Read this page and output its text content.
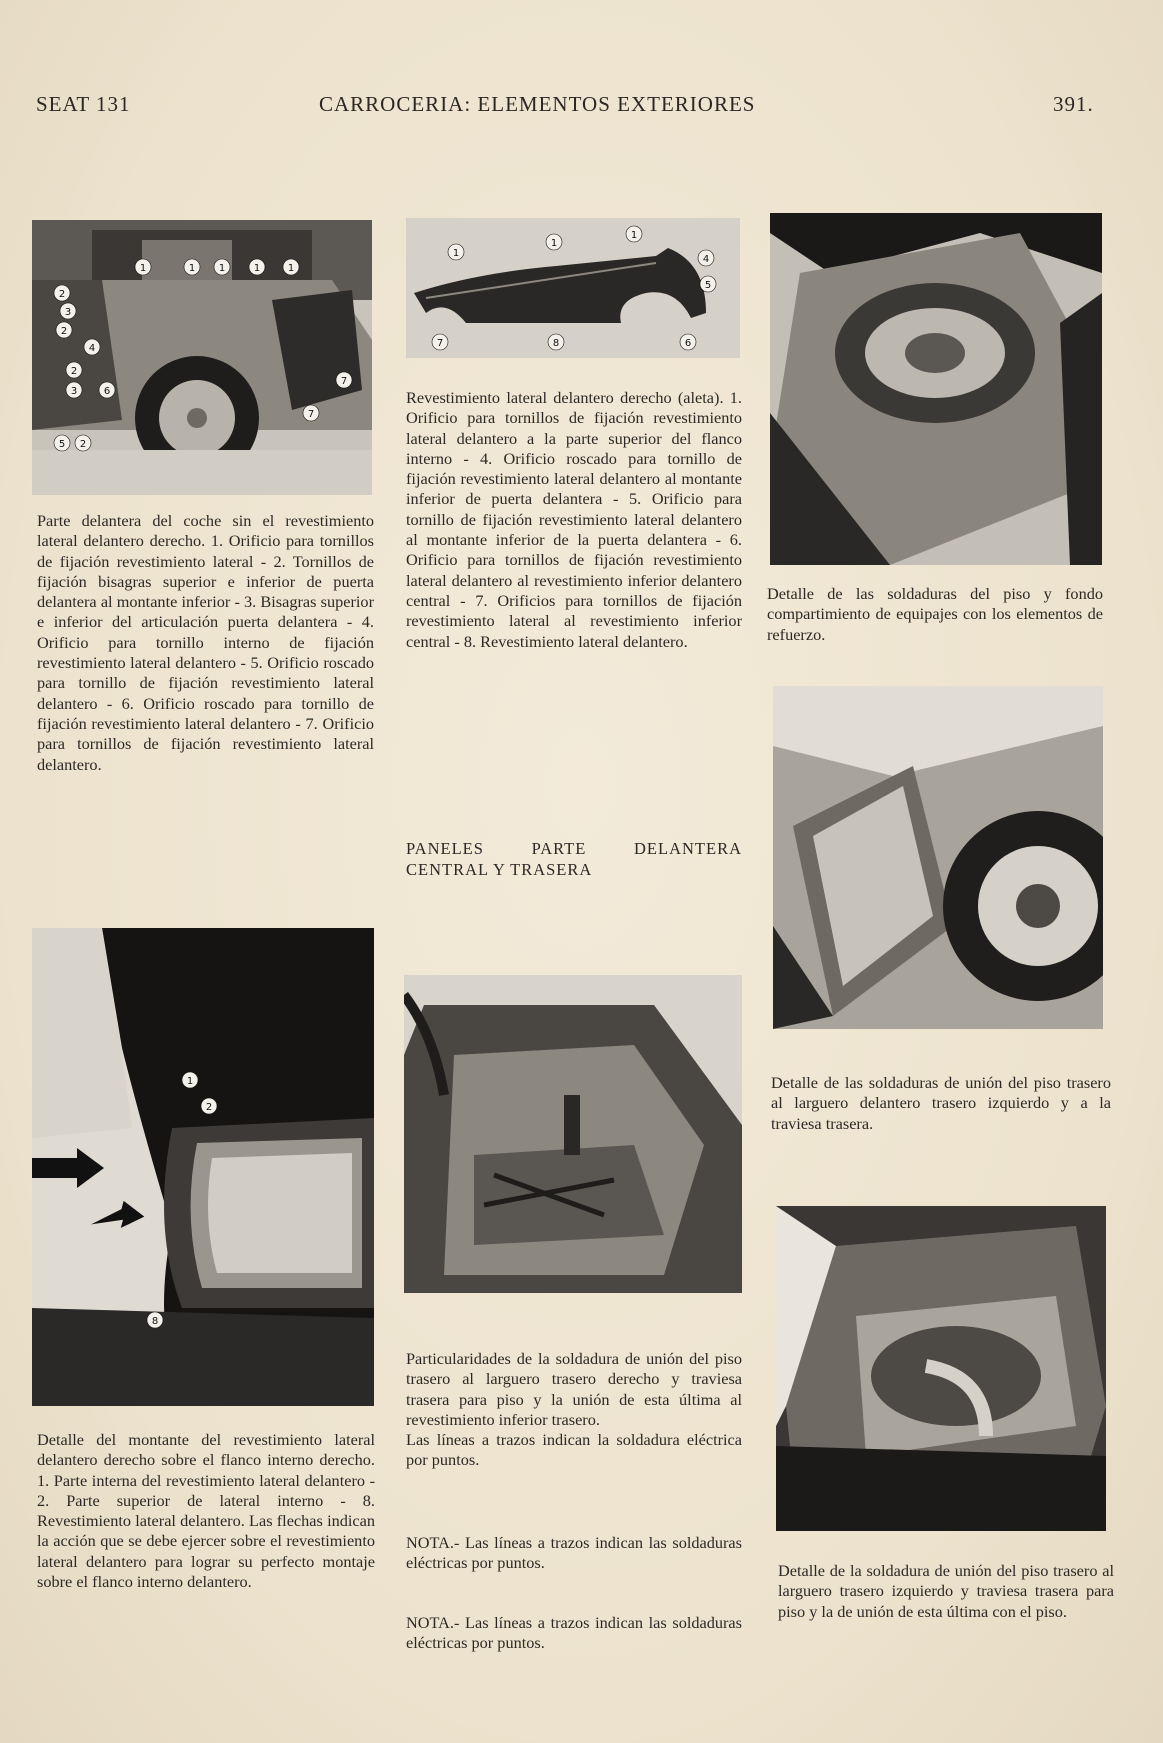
SEAT 131	CARROCERIA: ELEMENTOS EXTERIORES	391.
1	1 1	1	1
2
3
2
4
2
3	6
5 2
7
7
Parte delantera del coche sin el revestimiento lateral delantero derecho. 1. Orificio para tornillos de fijación revestimiento lateral - 2. Tornillos de fijación bisagras superior e inferior de puerta delantera al montante inferior - 3. Bisagras superior e inferior del articulación puerta delantera - 4. Orificio para tornillo interno de fijación revestimiento lateral delantero - 5. Orificio roscado para tornillo de fijación revestimiento lateral delantero - 6. Orificio roscado para tornillo de fijación revestimiento lateral delantero - 7. Orificio para tornillos de fijación revestimiento lateral delantero.
1
1
1
4
5
7	8	6
Revestimiento lateral delantero derecho (aleta). 1. Orificio para tornillos de fijación revestimiento lateral delantero a la parte superior del flanco interno - 4. Orificio roscado para tornillo de fijación revestimiento lateral delantero al montante inferior de puerta delantera - 5. Orificio para tornillo de fijación revestimiento lateral delantero al montante inferior de la puerta delantera - 6. Orificio para tornillos de fijación revestimiento lateral delantero al revestimiento inferior delantero central - 7. Orificios para tornillos de fijación revestimiento lateral al revestimiento inferior central - 8. Revestimiento lateral delantero.
PANELES PARTE DELANTERA CENTRAL Y TRASERA
Detalle de las soldaduras del piso y fondo compartimiento de equipajes con los elementos de refuerzo.
Detalle de las soldaduras de unión del piso trasero al larguero delantero trasero izquierdo y a la traviesa trasera.
1
2
8
Detalle del montante del revestimiento lateral delantero derecho sobre el flanco interno derecho. 1. Parte interna del revestimiento lateral delantero - 2. Parte superior de lateral interno - 8. Revestimiento lateral delantero. Las flechas indican la acción que se debe ejercer sobre el revestimiento lateral delantero para lograr su perfecto montaje sobre el flanco interno delantero.

Particularidades de la soldadura de unión del piso trasero al larguero trasero derecho y traviesa trasera para piso y la unión de esta última al revestimiento inferior trasero.

Las líneas a trazos indican la soldadura eléctrica por puntos.

NOTA.- Las líneas a trazos indican las soldaduras eléctricas por puntos.
NOTA.- Las líneas a trazos indican las soldaduras eléctricas por puntos.
Detalle de la soldadura de unión del piso trasero al larguero trasero izquierdo y traviesa trasera para piso y la de unión de esta última con el piso.
